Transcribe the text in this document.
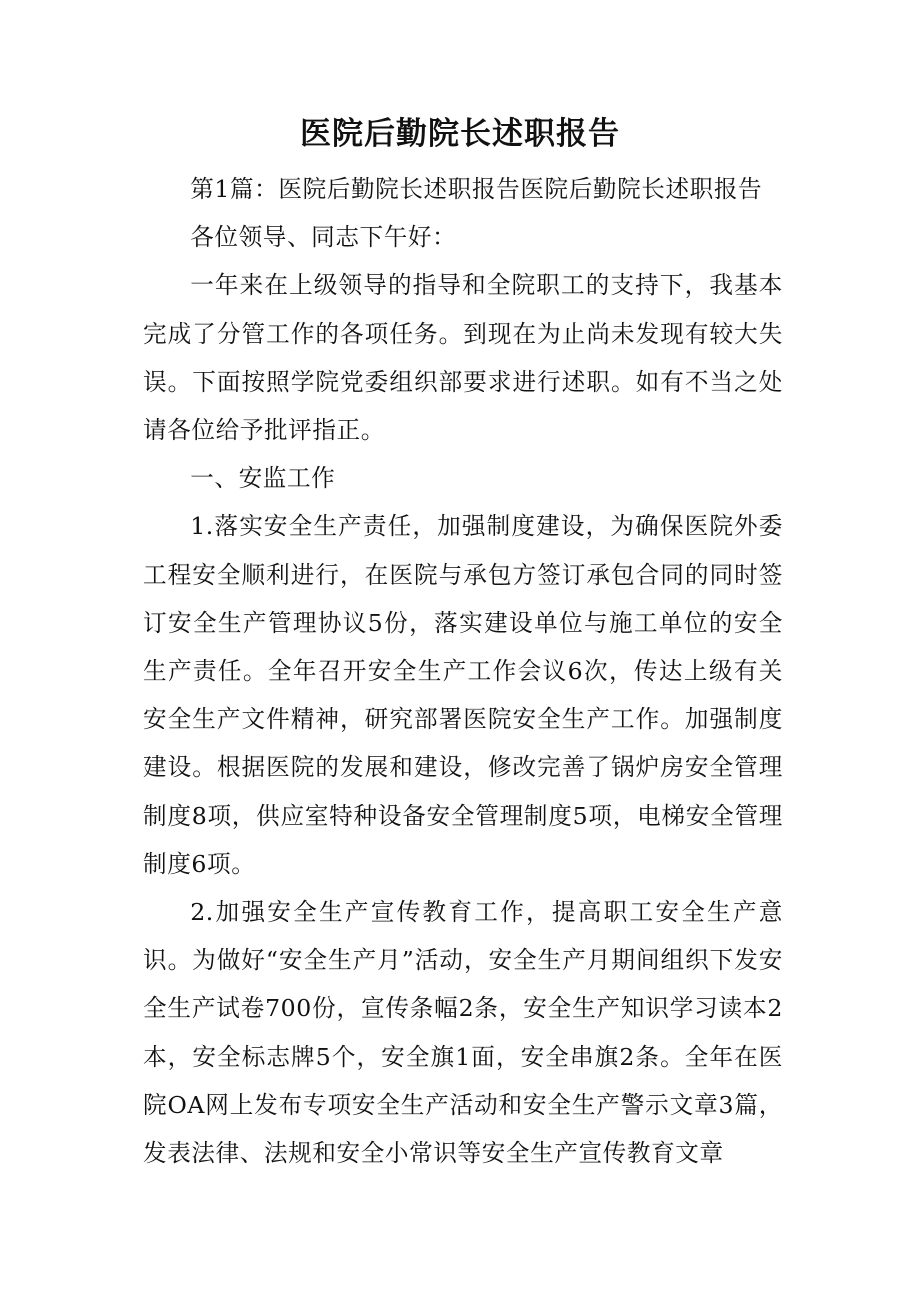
医院后勤院长述职报告

第1篇：医院后勤院长述职报告医院后勤院长述职报告

各位领导、同志下午好：

一年来在上级领导的指导和全院职工的支持下，我基本完成了分管工作的各项任务。到现在为止尚未发现有较大失误。下面按照学院党委组织部要求进行述职。如有不当之处请各位给予批评指正。

一、安监工作

1.落实安全生产责任，加强制度建设，为确保医院外委工程安全顺利进行，在医院与承包方签订承包合同的同时签订安全生产管理协议5份，落实建设单位与施工单位的安全生产责任。全年召开安全生产工作会议6次，传达上级有关安全生产文件精神，研究部署医院安全生产工作。加强制度建设。根据医院的发展和建设，修改完善了锅炉房安全管理制度8项，供应室特种设备安全管理制度5项，电梯安全管理制度6项。

2.加强安全生产宣传教育工作，提高职工安全生产意识。为做好“安全生产月”活动，安全生产月期间组织下发安全生产试卷700份，宣传条幅2条，安全生产知识学习读本2本，安全标志牌5个，安全旗1面，安全串旗2条。全年在医院OA网上发布专项安全生产活动和安全生产警示文章3篇，发表法律、法规和安全小常识等安全生产宣传教育文章
